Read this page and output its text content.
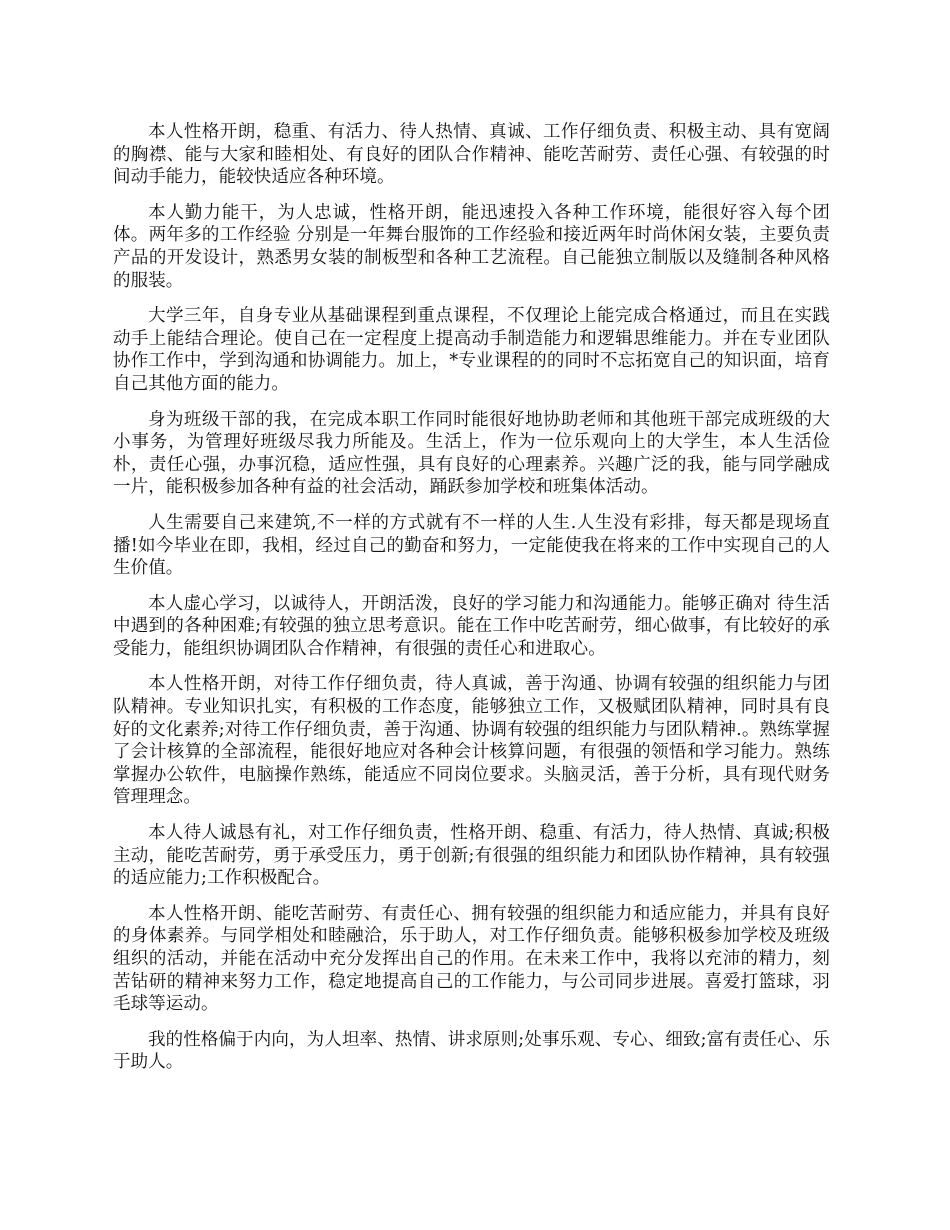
本人性格开朗，稳重、有活力、待人热情、真诚、工作仔细负责、积极主动、具有宽阔的胸襟、能与大家和睦相处、有良好的团队合作精神、能吃苦耐劳、责任心强、有较强的时间动手能力，能较快适应各种环境。

本人勤力能干，为人忠诚，性格开朗，能迅速投入各种工作环境，能很好容入每个团体。两年多的工作经验 分别是一年舞台服饰的工作经验和接近两年时尚休闲女装，主要负责产品的开发设计，熟悉男女装的制板型和各种工艺流程。自己能独立制版以及缝制各种风格的服装。

大学三年，自身专业从基础课程到重点课程，不仅理论上能完成合格通过，而且在实践动手上能结合理论。使自己在一定程度上提高动手制造能力和逻辑思维能力。并在专业团队协作工作中，学到沟通和协调能力。加上，*专业课程的的同时不忘拓宽自己的知识面，培育自己其他方面的能力。

身为班级干部的我，在完成本职工作同时能很好地协助老师和其他班干部完成班级的大小事务，为管理好班级尽我力所能及。生活上，作为一位乐观向上的大学生，本人生活俭朴，责任心强，办事沉稳，适应性强，具有良好的心理素养。兴趣广泛的我，能与同学融成一片，能积极参加各种有益的社会活动，踊跃参加学校和班集体活动。

人生需要自己来建筑,不一样的方式就有不一样的人生.人生没有彩排，每天都是现场直播!如今毕业在即，我相，经过自己的勤奋和努力，一定能使我在将来的工作中实现自己的人生价值。

本人虚心学习，以诚待人，开朗活泼，良好的学习能力和沟通能力。能够正确对 待生活中遇到的各种困难;有较强的独立思考意识。能在工作中吃苦耐劳，细心做事，有比较好的承受能力，能组织协调团队合作精神，有很强的责任心和进取心。

本人性格开朗，对待工作仔细负责，待人真诚，善于沟通、协调有较强的组织能力与团队精神。专业知识扎实，有积极的工作态度，能够独立工作，又极赋团队精神，同时具有良好的文化素养;对待工作仔细负责，善于沟通、协调有较强的组织能力与团队精神.。熟练掌握了会计核算的全部流程，能很好地应对各种会计核算问题，有很强的领悟和学习能力。熟练掌握办公软件，电脑操作熟练，能适应不同岗位要求。头脑灵活，善于分析，具有现代财务管理理念。

本人待人诚恳有礼，对工作仔细负责，性格开朗、稳重、有活力，待人热情、真诚;积极主动，能吃苦耐劳，勇于承受压力，勇于创新;有很强的组织能力和团队协作精神，具有较强的适应能力;工作积极配合。

本人性格开朗、能吃苦耐劳、有责任心、拥有较强的组织能力和适应能力，并具有良好的身体素养。与同学相处和睦融洽，乐于助人，对工作仔细负责。能够积极参加学校及班级组织的活动，并能在活动中充分发挥出自己的作用。在未来工作中，我将以充沛的精力，刻苦钻研的精神来努力工作，稳定地提高自己的工作能力，与公司同步进展。喜爱打篮球，羽毛球等运动。

我的性格偏于内向，为人坦率、热情、讲求原则;处事乐观、专心、细致;富有责任心、乐于助人。
